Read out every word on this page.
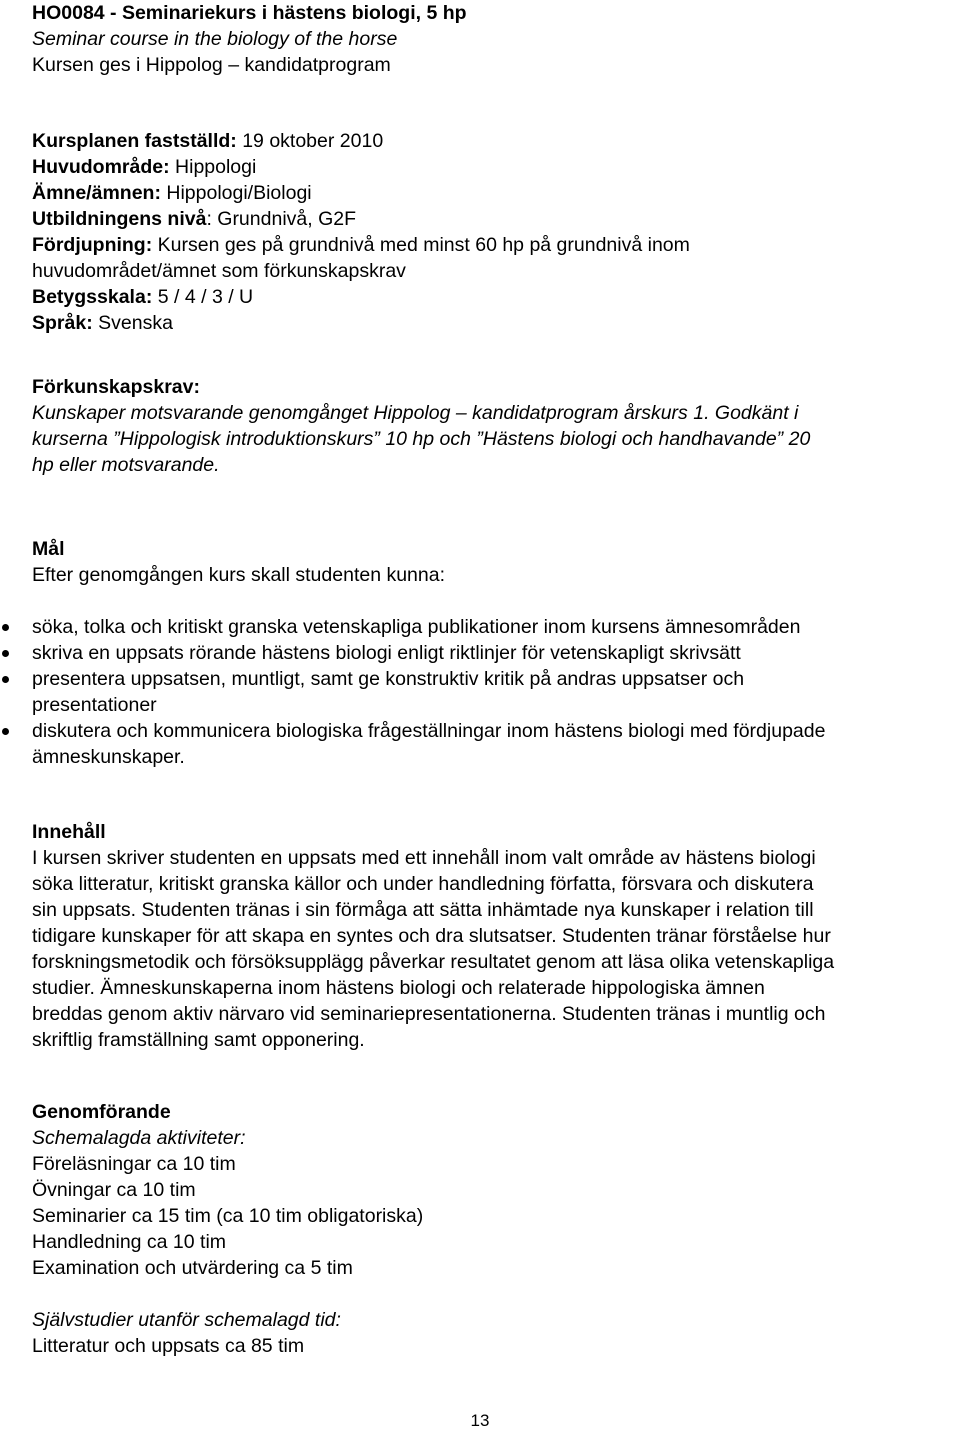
HO0084 - Seminariekurs i hästens biologi, 5 hp
Seminar course in the biology of the horse
Kursen ges i Hippolog – kandidatprogram
Kursplanen fastställd: 19 oktober 2010
Huvudområde: Hippologi
Ämne/ämnen: Hippologi/Biologi
Utbildningens nivå: Grundnivå, G2F
Fördjupning: Kursen ges på grundnivå med minst 60 hp på grundnivå inom
huvudområdet/ämnet som förkunskapskrav
Betygsskala: 5 / 4 / 3 / U
Språk: Svenska
Förkunskapskrav:
Kunskaper motsvarande genomgånget Hippolog – kandidatprogram årskurs 1. Godkänt i
kurserna ”Hippologisk introduktionskurs” 10 hp och ”Hästens biologi och handhavande” 20
hp eller motsvarande.
Mål
Efter genomgången kurs skall studenten kunna:
söka, tolka och kritiskt granska vetenskapliga publikationer inom kursens ämnesområden
skriva en uppsats rörande hästens biologi enligt riktlinjer för vetenskapligt skrivsätt
presentera uppsatsen, muntligt, samt ge konstruktiv kritik på andras uppsatser och
presentationer
diskutera och kommunicera biologiska frågeställningar inom hästens biologi med fördjupade
ämneskunskaper.
Innehåll
I kursen skriver studenten en uppsats med ett innehåll inom valt område av hästens biologi
söka litteratur, kritiskt granska källor och under handledning författa, försvara och diskutera
sin uppsats. Studenten tränas i sin förmåga att sätta inhämtade nya kunskaper i relation till
tidigare kunskaper för att skapa en syntes och dra slutsatser. Studenten tränar förståelse hur
forskningsmetodik och försöksupplägg påverkar resultatet genom att läsa olika vetenskapliga
studier. Ämneskunskaperna inom hästens biologi och relaterade hippologiska ämnen
breddas genom aktiv närvaro vid seminariepresentationerna. Studenten tränas i muntlig och
skriftlig framställning samt opponering.
Genomförande
Schemalagda aktiviteter:
Föreläsningar ca 10 tim
Övningar ca 10 tim
Seminarier ca 15 tim (ca 10 tim obligatoriska)
Handledning ca 10 tim
Examination och utvärdering ca 5 tim
Självstudier utanför schemalagd tid:
Litteratur och uppsats ca 85 tim
13
